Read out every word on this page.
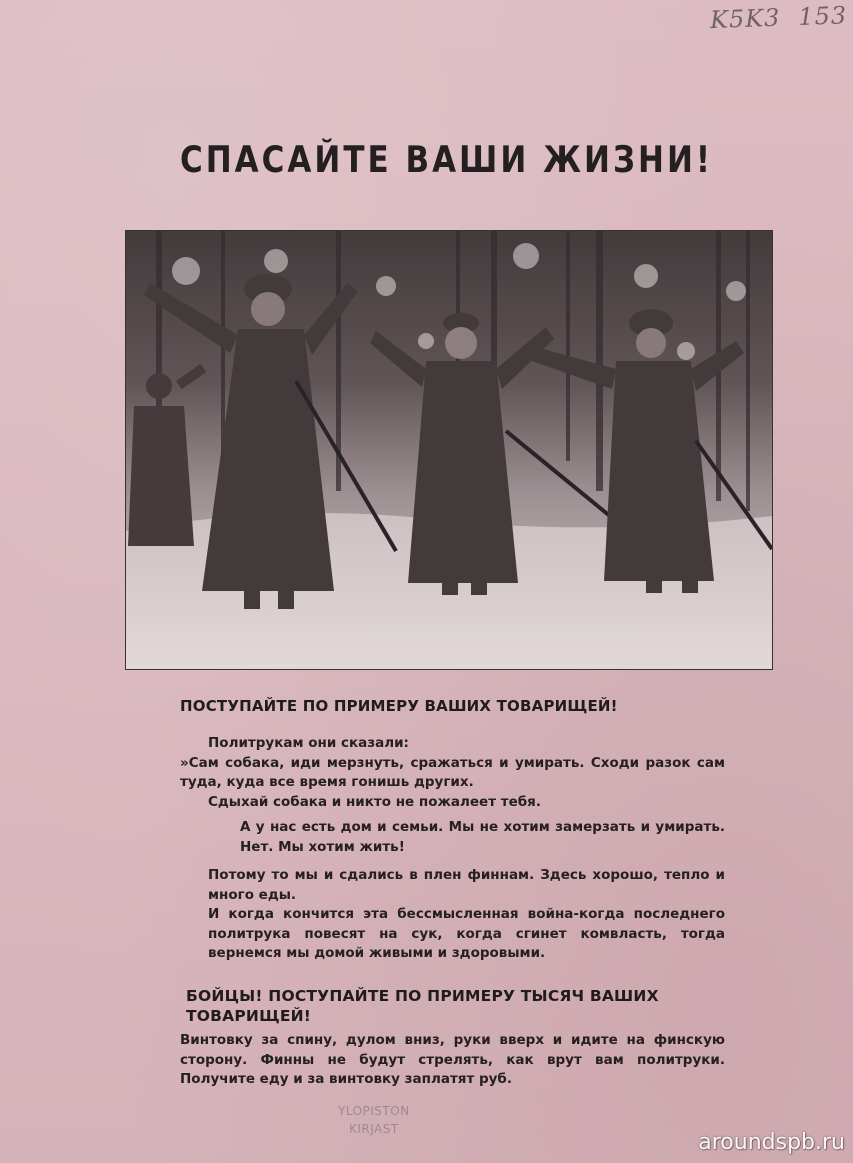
K5K3 153
СПАСАЙТЕ ВАШИ ЖИЗНИ!
ПОСТУПАЙТЕ ПО ПРИМЕРУ ВАШИХ ТОВАРИЩЕЙ!

Политрукам они сказали:
»Сам собака, иди мерзнуть, сражаться и умирать. Сходи разок сам туда, куда все время гонишь других.
Сдыхай собака и никто не пожалеет тебя.

А у нас есть дом и семьи. Мы не хотим замерзать и умирать. Нет. Мы хотим жить!

Потому то мы и сдались в плен финнам. Здесь хорошо, тепло и много еды.
И когда кончится эта бессмысленная война-когда последнего политрука повесят на сук, когда сгинет комвласть, тогда вернемся мы домой живыми и здоровыми.

БОЙЦЫ! ПОСТУПАЙТЕ ПО ПРИМЕРУ ТЫСЯЧ ВАШИХ ТОВАРИЩЕЙ!

Винтовку за спину, дулом вниз, руки вверх и идите на финскую сторону. Финны не будут стрелять, как врут вам политруки. Получите еду и за винтовку заплатят руб.

YLOPISTON
KIRJAST
aroundspb.ru
